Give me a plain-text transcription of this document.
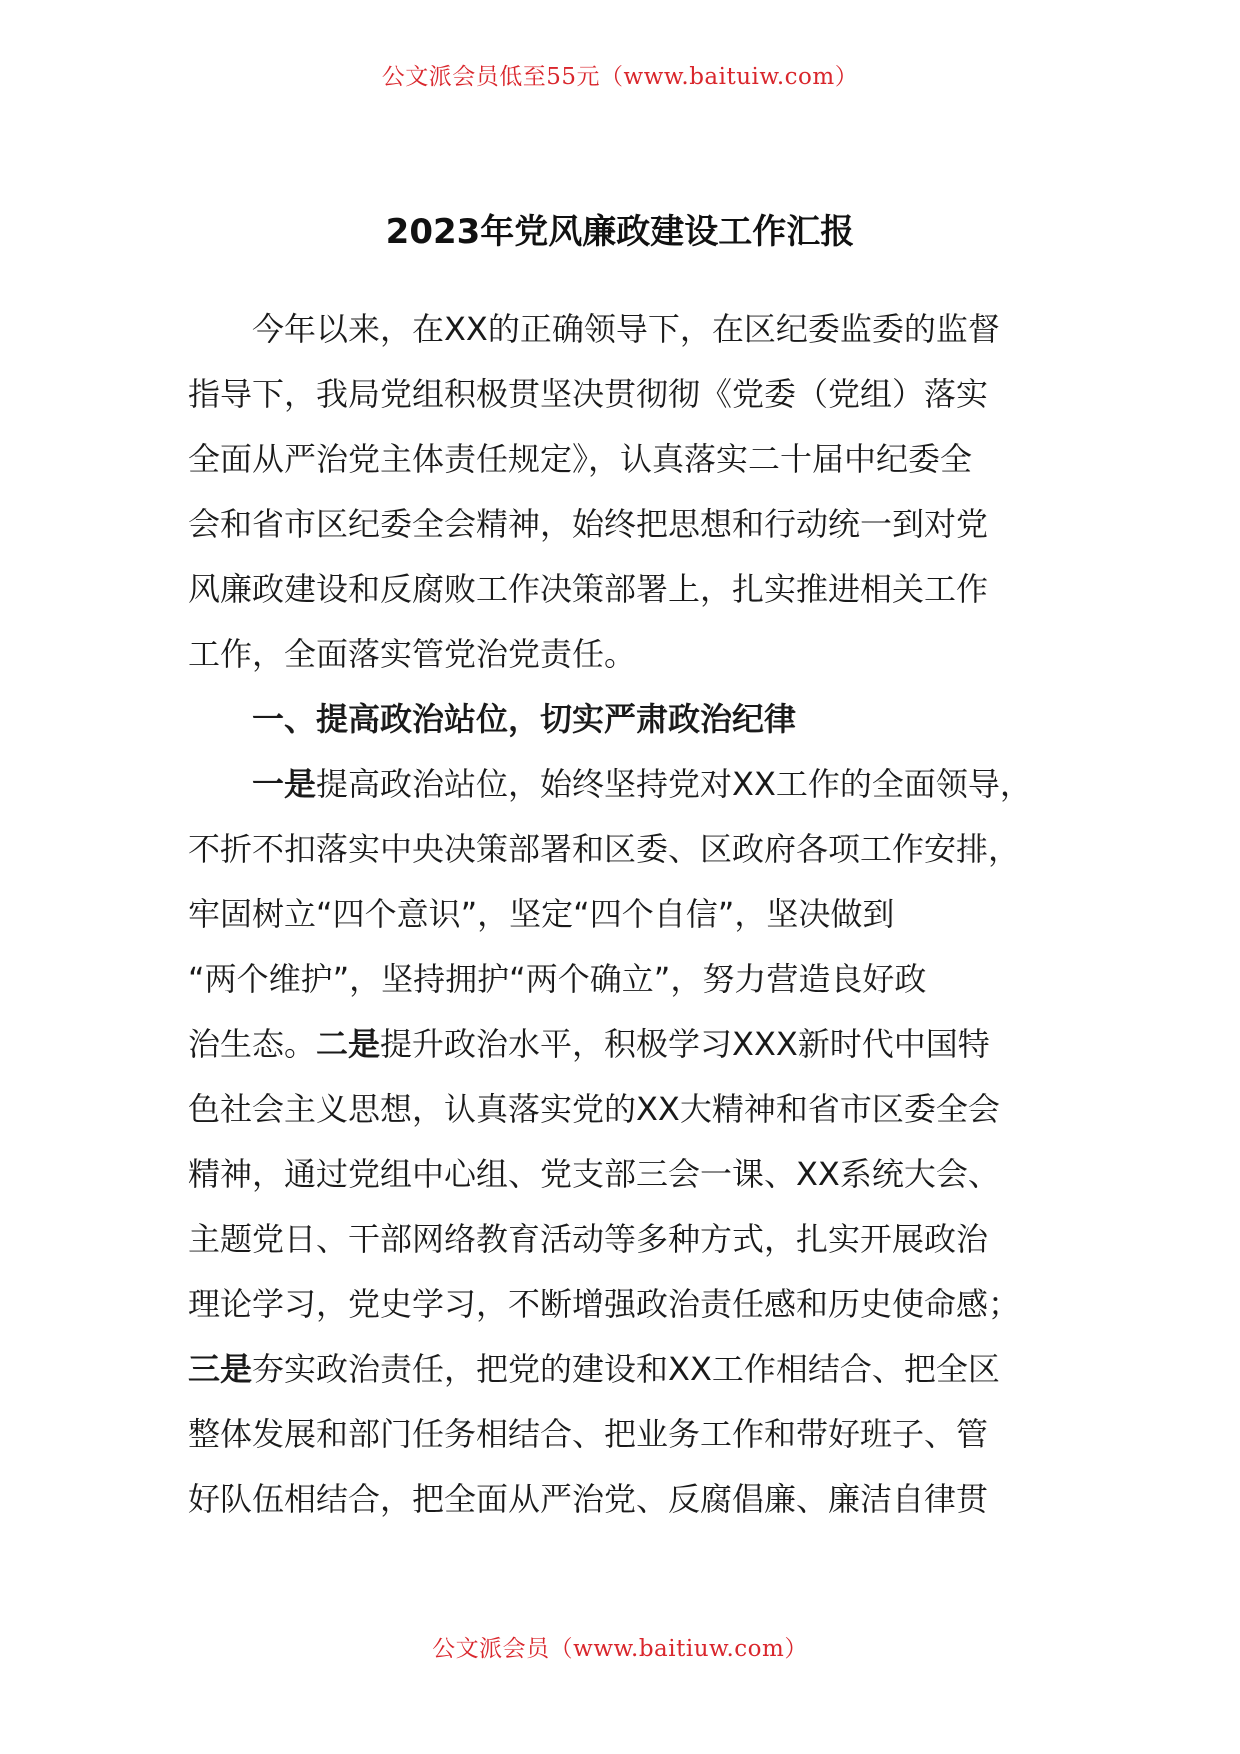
公文派会员低至55元（www.baituiw.com）
2023年党风廉政建设工作汇报
今年以来，在XX的正确领导下，在区纪委监委的监督
指导下，我局党组积极贯坚决贯彻彻《党委（党组）落实
全面从严治党主体责任规定》，认真落实二十届中纪委全
会和省市区纪委全会精神，始终把思想和行动统一到对党
风廉政建设和反腐败工作决策部署上，扎实推进相关工作
工作，全面落实管党治党责任。
一、提高政治站位，切实严肃政治纪律
一是提高政治站位，始终坚持党对XX工作的全面领导，
不折不扣落实中央决策部署和区委、区政府各项工作安排，
牢固树立“四个意识”，坚定“四个自信”，坚决做到
“两个维护”，坚持拥护“两个确立”，努力营造良好政
治生态。二是提升政治水平，积极学习XXX新时代中国特
色社会主义思想，认真落实党的XX大精神和省市区委全会
精神，通过党组中心组、党支部三会一课、XX系统大会、
主题党日、干部网络教育活动等多种方式，扎实开展政治
理论学习，党史学习，不断增强政治责任感和历史使命感；
三是夯实政治责任，把党的建设和XX工作相结合、把全区
整体发展和部门任务相结合、把业务工作和带好班子、管
好队伍相结合，把全面从严治党、反腐倡廉、廉洁自律贯
公文派会员（www.baitiuw.com）
